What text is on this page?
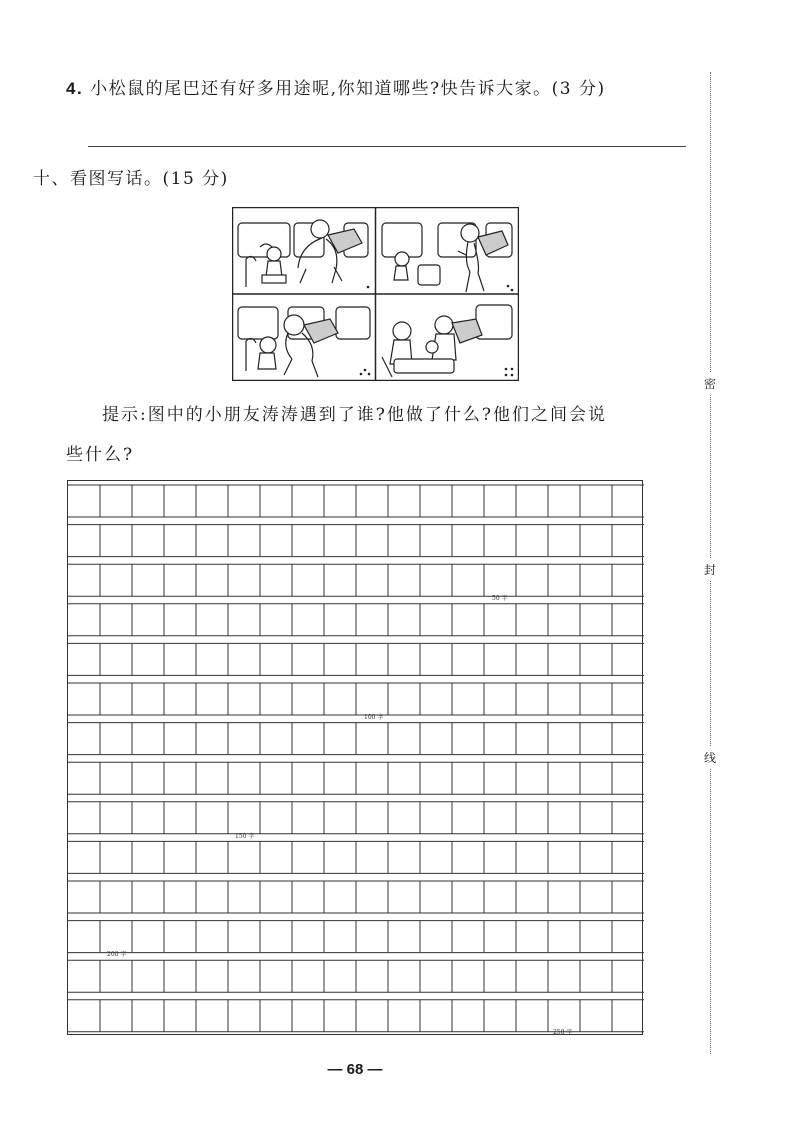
4. 小松鼠的尾巴还有好多用途呢,你知道哪些?快告诉大家。(3 分)
十、看图写话。(15 分)
提示:图中的小朋友涛涛遇到了谁?他做了什么?他们之间会说
些什么?
50 字
100 字
150 字
200 字
250 字
密
封
线
— 68 —
